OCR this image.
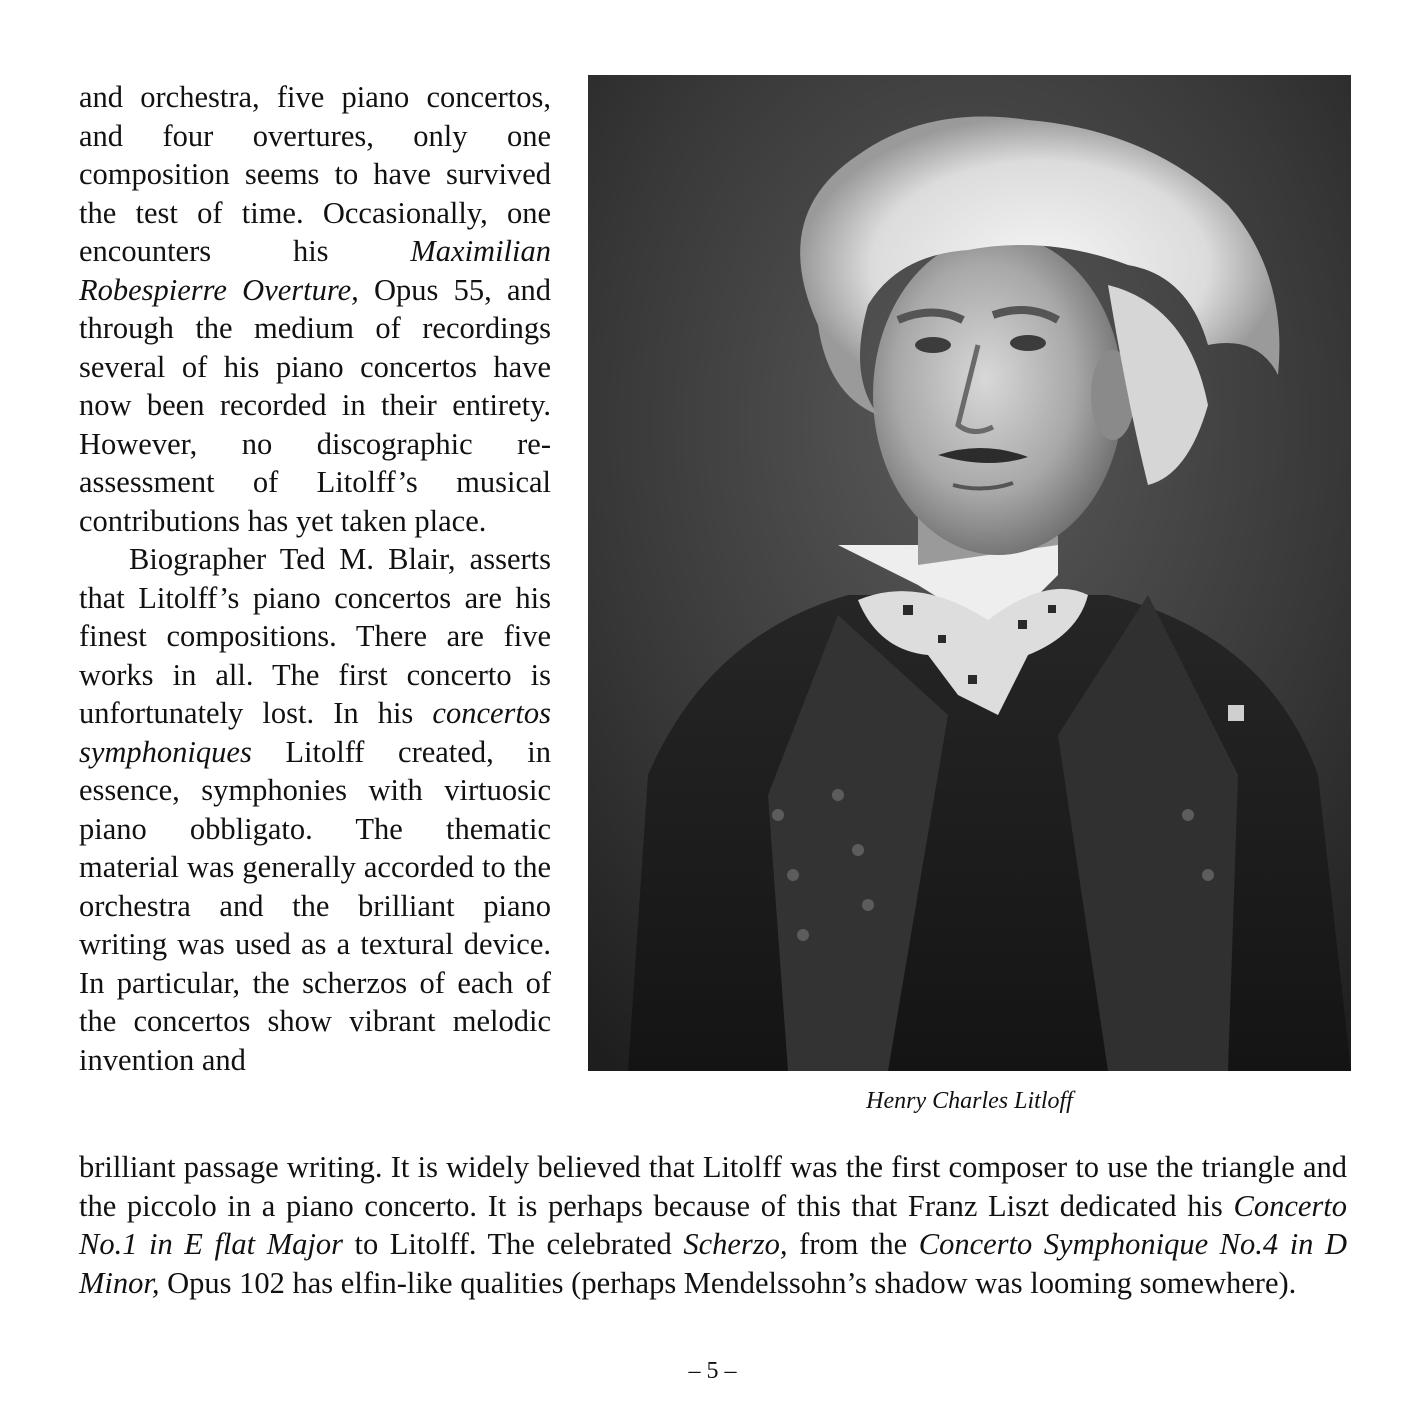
and orchestra, five piano concertos, and four overtures, only one composition seems to have survived the test of time. Occasionally, one encounters his Maximilian Robespierre Overture, Opus 55, and through the medium of recordings several of his piano concertos have now been recorded in their entirety. However, no discographic re-assessment of Litolff’s musical contributions has yet taken place.

Biographer Ted M. Blair, asserts that Litolff’s piano concertos are his finest compositions. There are five works in all. The first concerto is unfortunately lost. In his concertos symphoniques Litolff created, in essence, symphonies with virtuosic piano obbligato. The thematic material was generally accorded to the orchestra and the brilliant piano writing was used as a textural device. In particular, the scherzos of each of the concertos show vibrant melodic invention and

Henry Charles Litloff

brilliant passage writing. It is widely believed that Litolff was the first composer to use the triangle and the piccolo in a piano concerto. It is perhaps because of this that Franz Liszt dedicated his Concerto No.1 in E flat Major to Litolff. The celebrated Scherzo, from the Concerto Symphonique No.4 in D Minor, Opus 102 has elfin-like qualities (perhaps Mendelssohn’s shadow was looming somewhere).

– 5 –
